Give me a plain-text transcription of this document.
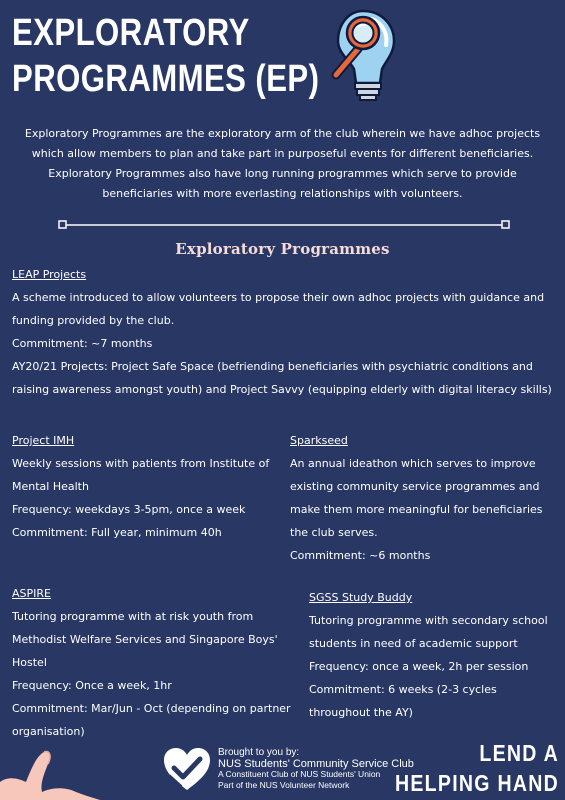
EXPLORATORY
PROGRAMMES (EP)
Exploratory Programmes are the exploratory arm of the club wherein we have adhoc projects which allow members to plan and take part in purposeful events for different beneficiaries. Exploratory Programmes also have long running programmes which serve to provide beneficiaries with more everlasting relationships with volunteers.
Exploratory Programmes
LEAP Projects

A scheme introduced to allow volunteers to propose their own adhoc projects with guidance and funding provided by the club.

Commitment: ~7 months

AY20/21 Projects: Project Safe Space (befriending beneficiaries with psychiatric conditions and raising awareness amongst youth) and Project Savvy (equipping elderly with digital literacy skills)

Project IMH

Weekly sessions with patients from Institute of Mental Health

Frequency: weekdays 3-5pm, once a week

Commitment: Full year, minimum 40h

Sparkseed

An annual ideathon which serves to improve existing community service programmes and make them more meaningful for beneficiaries the club serves.

Commitment: ~6 months

ASPIRE

Tutoring programme with at risk youth from Methodist Welfare Services and Singapore Boys' Hostel

Frequency: Once a week, 1hr

Commitment: Mar/Jun - Oct (depending on partner organisation)

SGSS Study Buddy

Tutoring programme with secondary school students in need of academic support

Frequency: once a week, 2h per session

Commitment: 6 weeks (2-3 cycles throughout the AY)

Brought to you by:
NUS Students' Community Service Club
A Constituent Club of NUS Students' Union
Part of the NUS Volunteer Network
LEND A
HELPING HAND
